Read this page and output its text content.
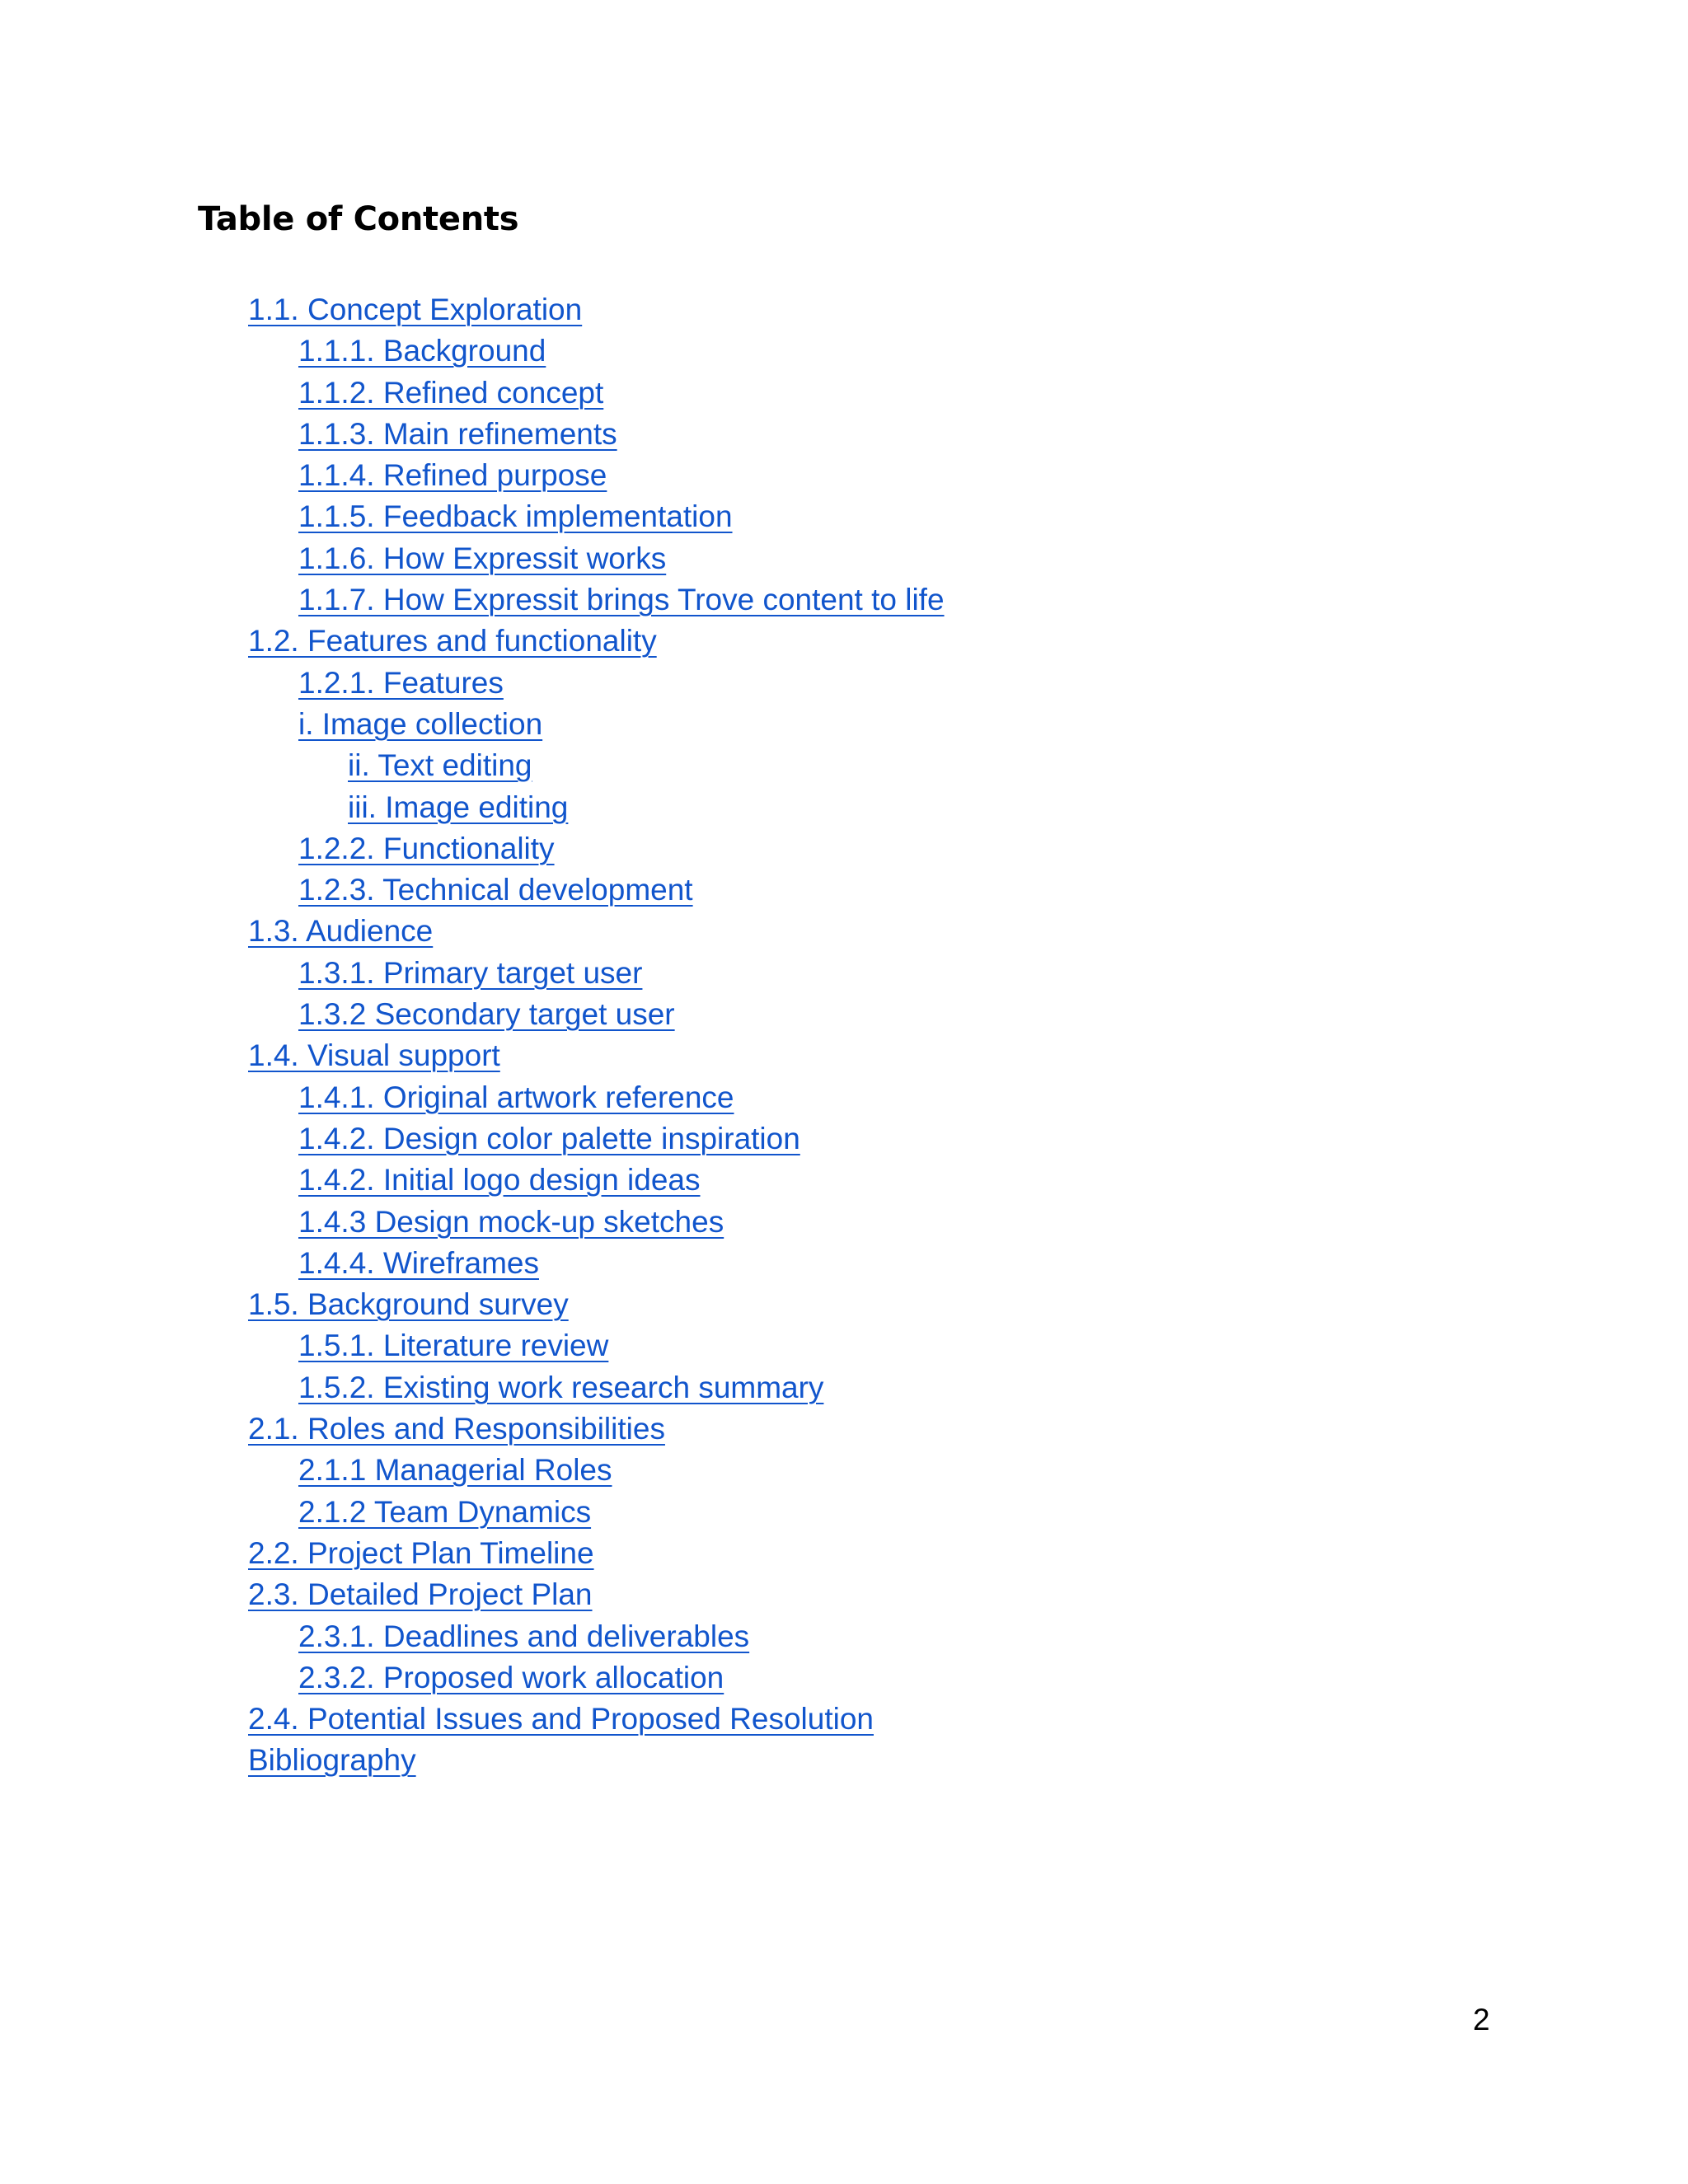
Table of Contents
1.1. Concept Exploration
1.1.1. Background
1.1.2. Refined concept
1.1.3. Main refinements
1.1.4. Refined purpose
1.1.5. Feedback implementation
1.1.6. How Expressit works
1.1.7. How Expressit brings Trove content to life
1.2. Features and functionality
1.2.1. Features
i. Image collection
ii. Text editing
iii. Image editing
1.2.2. Functionality
1.2.3. Technical development
1.3. Audience
1.3.1. Primary target user
1.3.2 Secondary target user
1.4. Visual support
1.4.1. Original artwork reference
1.4.2. Design color palette inspiration
1.4.2. Initial logo design ideas
1.4.3 Design mock-up sketches
1.4.4. Wireframes
1.5. Background survey
1.5.1. Literature review
1.5.2. Existing work research summary
2.1. Roles and Responsibilities
2.1.1 Managerial Roles
2.1.2 Team Dynamics
2.2. Project Plan Timeline
2.3. Detailed Project Plan
2.3.1. Deadlines and deliverables
2.3.2. Proposed work allocation
2.4. Potential Issues and Proposed Resolution
Bibliography
2
